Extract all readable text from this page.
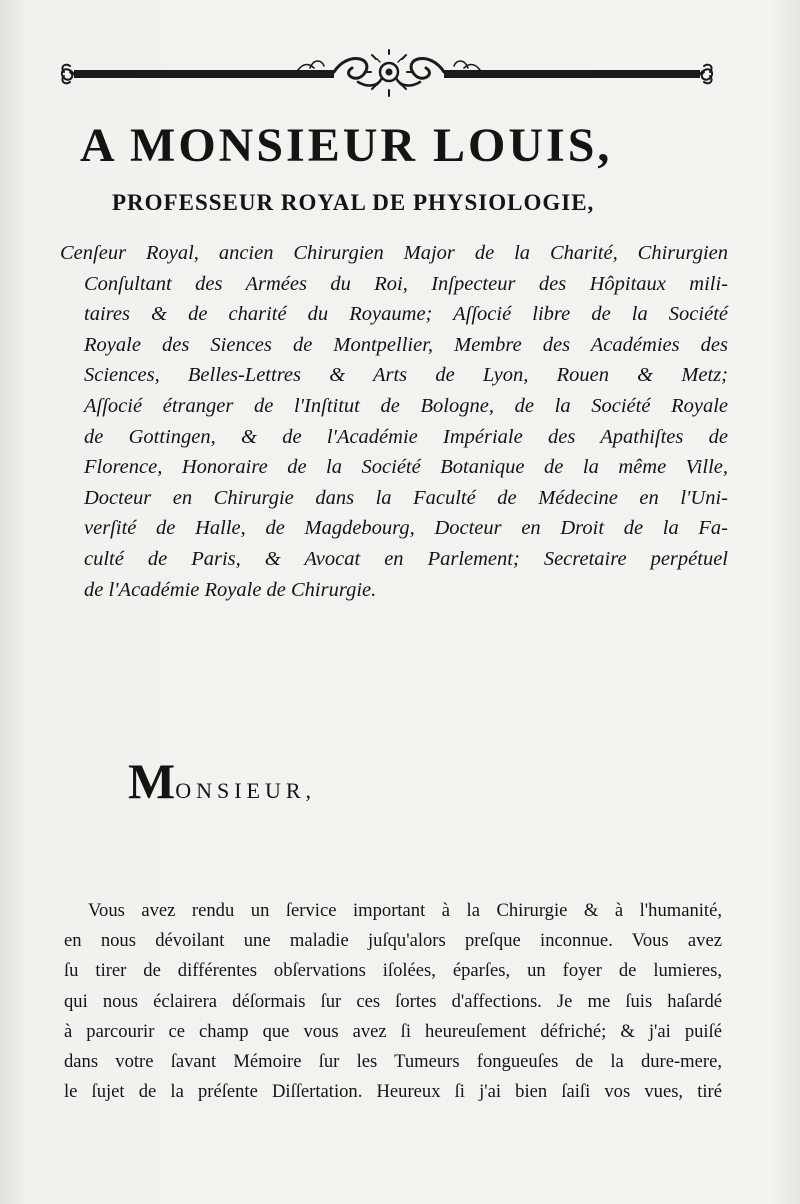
A MONSIEUR LOUIS,
PROFESSEUR ROYAL DE PHYSIOLOGIE,
Cenſeur Royal, ancien Chirurgien Major de la Charité, Chirurgien
Conſultant des Armées du Roi, Inſpecteur des Hôpitaux mili-
taires & de charité du Royaume; Aſſocié libre de la Société
Royale des Siences de Montpellier, Membre des Académies des
Sciences, Belles-Lettres & Arts de Lyon, Rouen & Metz;
Aſſocié étranger de l'Inſtitut de Bologne, de la Société Royale
de Gottingen, & de l'Académie Impériale des Apathiſtes de
Florence, Honoraire de la Société Botanique de la même Ville,
Docteur en Chirurgie dans la Faculté de Médecine en l'Uni-
verſité de Halle, de Magdebourg, Docteur en Droit de la Fa-
culté de Paris, & Avocat en Parlement; Secretaire perpétuel
de l'Académie Royale de Chirurgie.

MONSIEUR,

Vous avez rendu un ſervice important à la Chirurgie & à l'humanité,
en nous dévoilant une maladie juſqu'alors preſque inconnue. Vous avez
ſu tirer de différentes obſervations iſolées, éparſes, un foyer de lumieres,
qui nous éclairera déſormais ſur ces ſortes d'affections. Je me ſuis haſardé
à parcourir ce champ que vous avez ſi heureuſement défriché; & j'ai puiſé
dans votre ſavant Mémoire ſur les Tumeurs fongueuſes de la dure-mere,
le ſujet de la préſente Diſſertation. Heureux ſi j'ai bien ſaiſi vos vues, tiré
